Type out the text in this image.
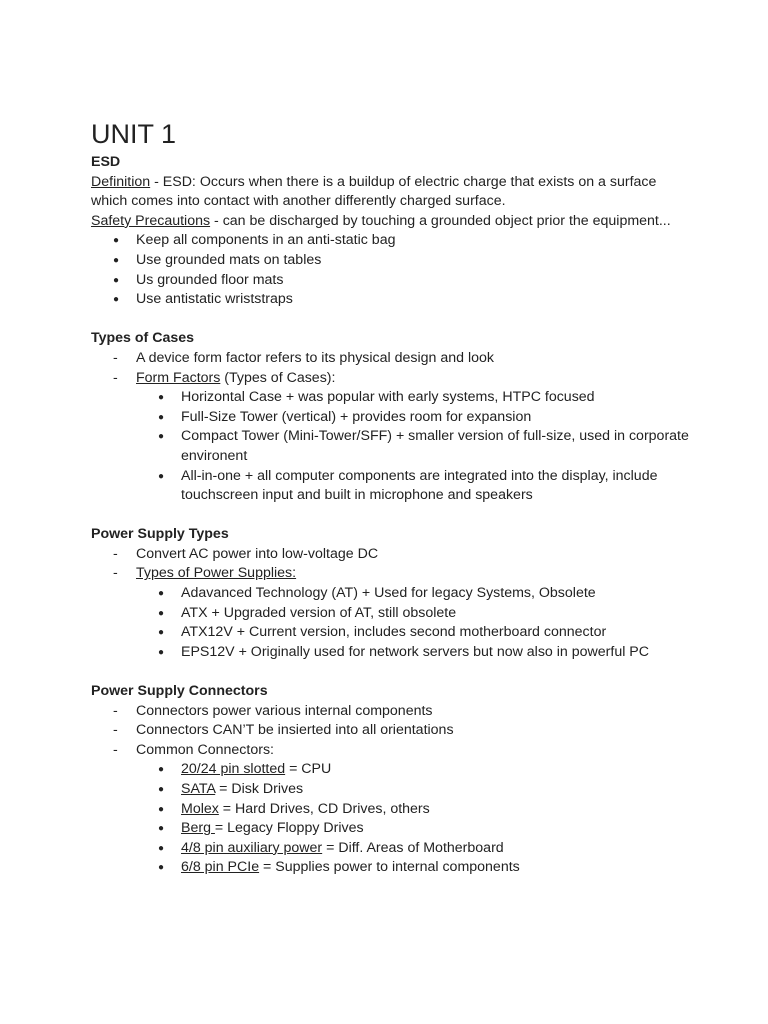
UNIT 1

ESD

Definition - ESD: Occurs when there is a buildup of electric charge that exists on a surface which comes into contact with another differently charged surface.

Safety Precautions - can be discharged by touching a grounded object prior the equipment...

● Keep all components in an anti-static bag
● Use grounded mats on tables
● Us grounded floor mats
● Use antistatic wriststraps

Types of Cases

- A device form factor refers to its physical design and look
- Form Factors (Types of Cases):
● Horizontal Case + was popular with early systems, HTPC focused
● Full-Size Tower (vertical) + provides room for expansion
● Compact Tower (Mini-Tower/SFF) + smaller version of full-size, used in corporate environent
● All-in-one + all computer components are integrated into the display, include touchscreen input and built in microphone and speakers

Power Supply Types

- Convert AC power into low-voltage DC
- Types of Power Supplies:
● Adavanced Technology (AT) + Used for legacy Systems, Obsolete
● ATX + Upgraded version of AT, still obsolete
● ATX12V + Current version, includes second motherboard connector
● EPS12V + Originally used for network servers but now also in powerful PC

Power Supply Connectors

- Connectors power various internal components
- Connectors CAN’T be insierted into all orientations
- Common Connectors:
● 20/24 pin slotted = CPU
● SATA = Disk Drives
● Molex = Hard Drives, CD Drives, others
● Berg = Legacy Floppy Drives
● 4/8 pin auxiliary power = Diff. Areas of Motherboard
● 6/8 pin PCIe = Supplies power to internal components
